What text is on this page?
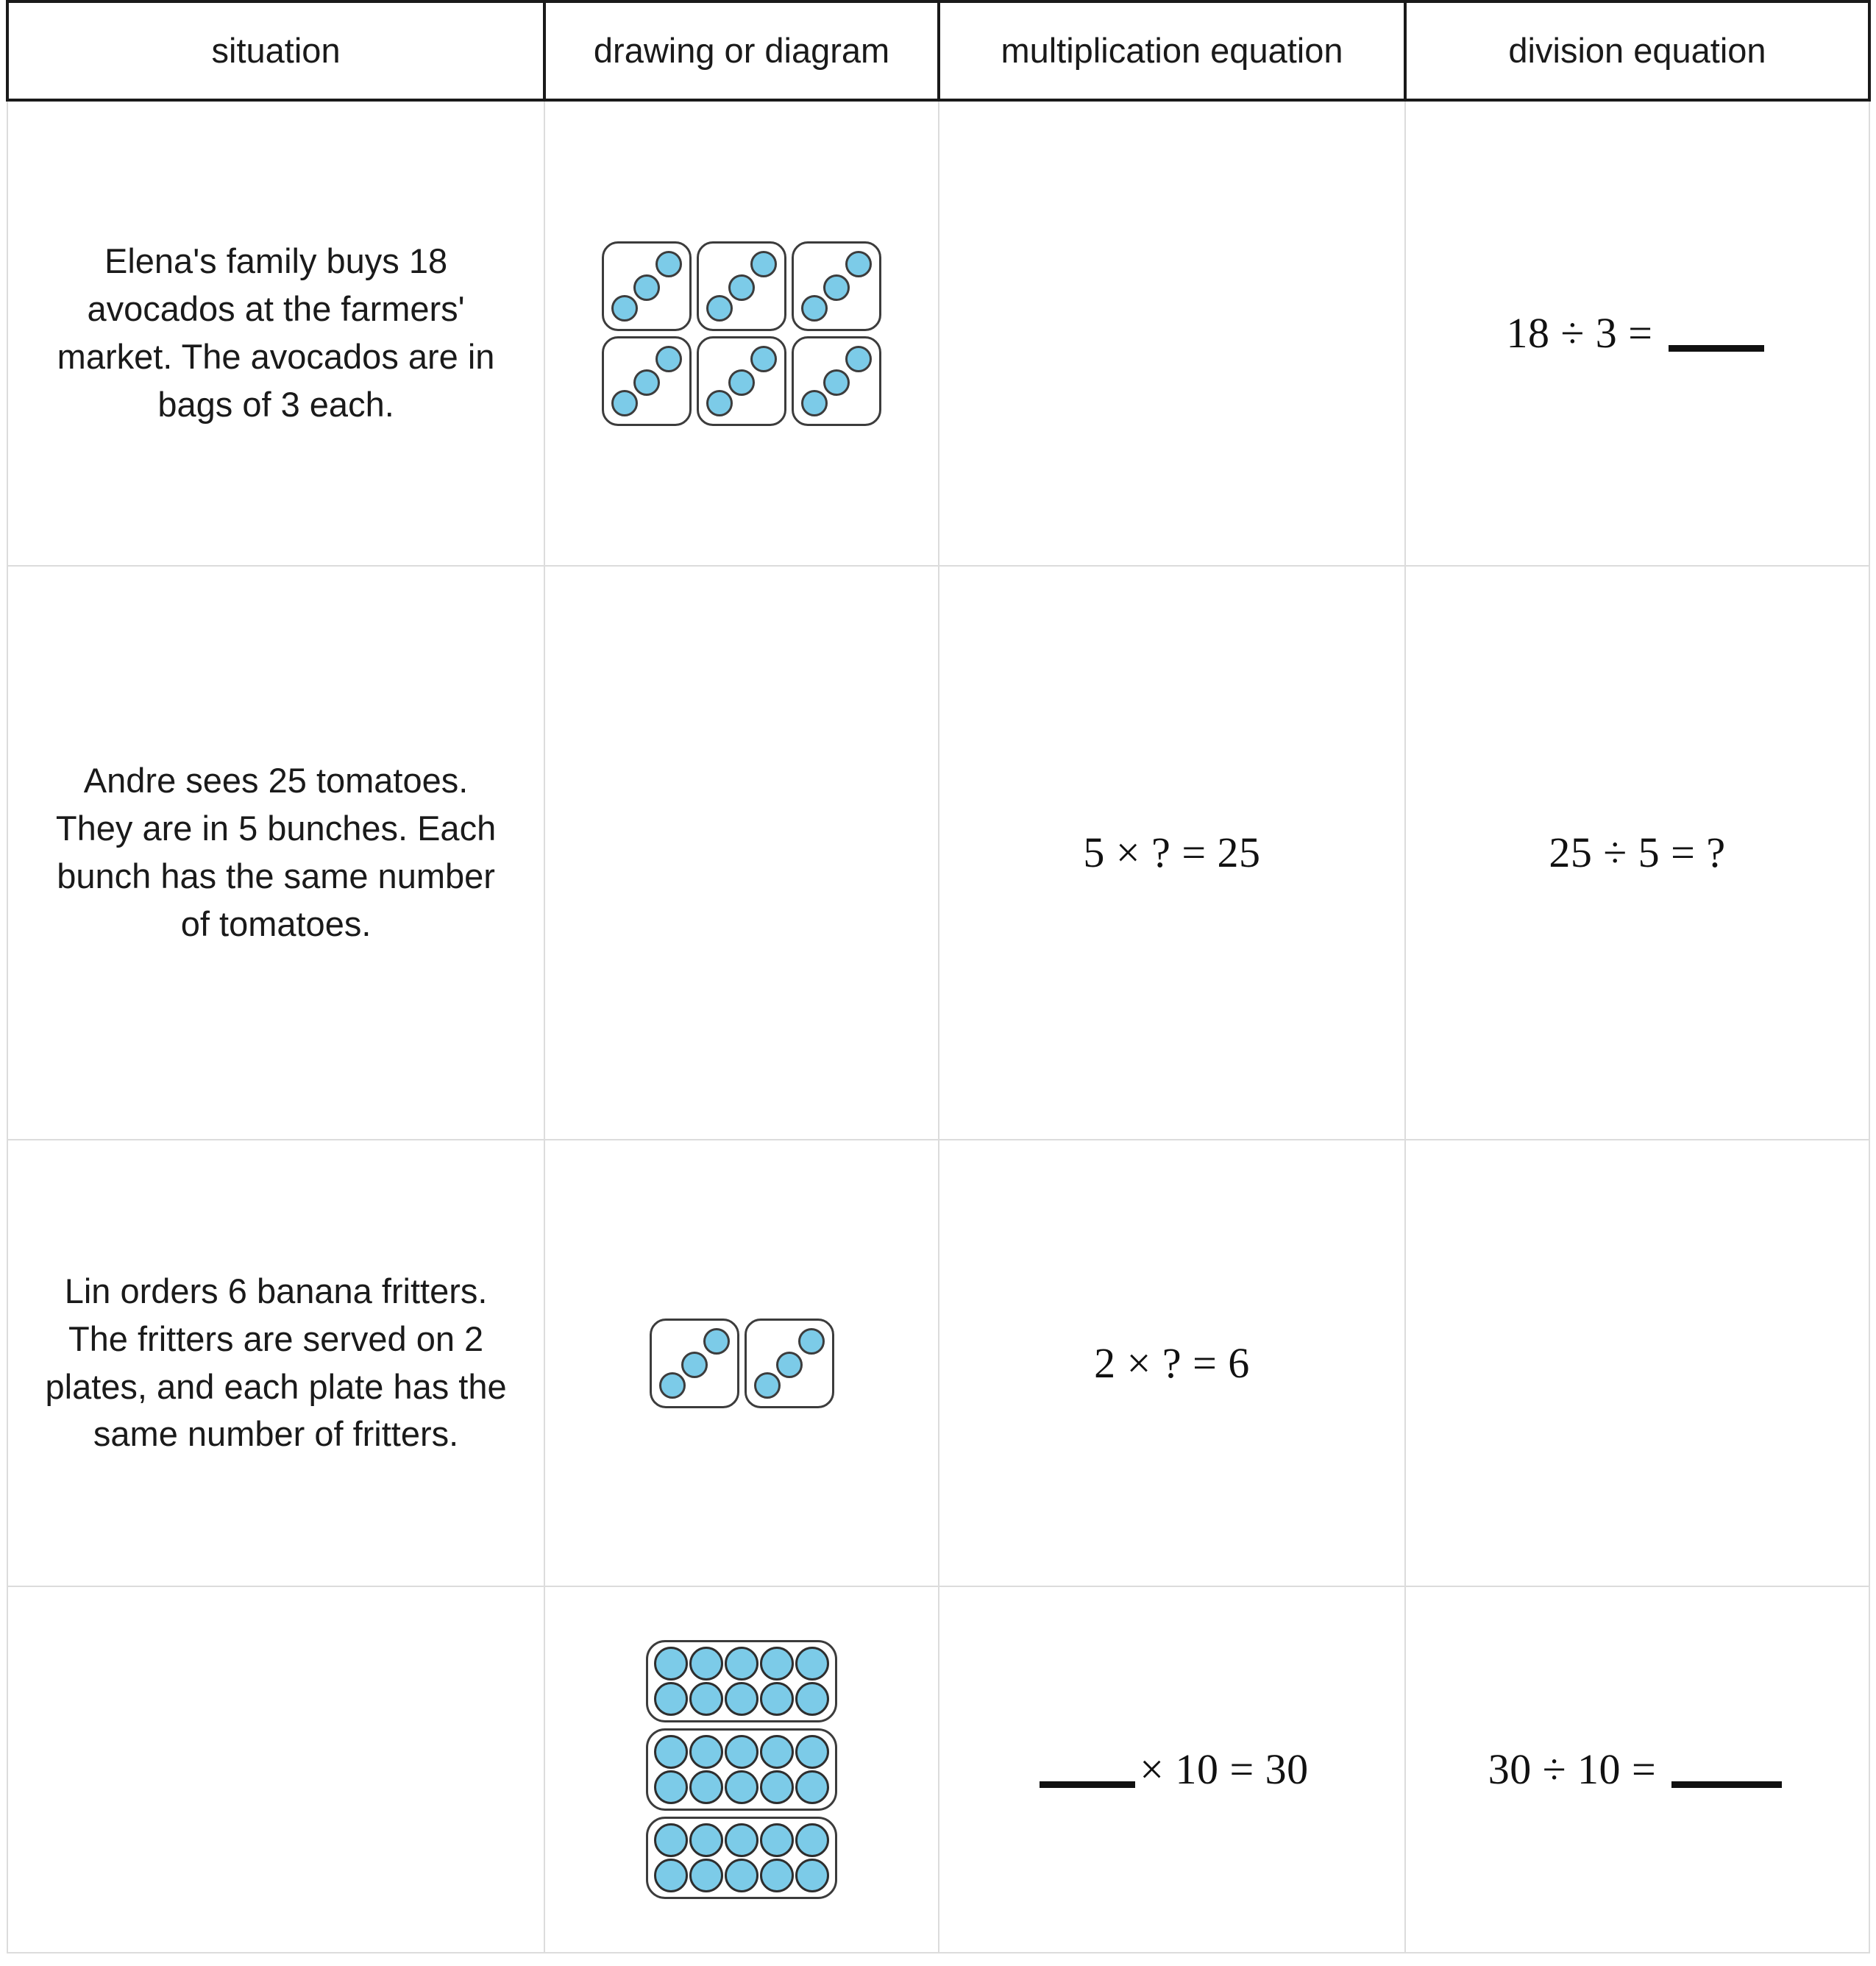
situation	drawing or diagram	multiplication equation	division equation

Elena's family buys 18 avocados at the farmers' market. The avocados are in bags of 3 each.			18 ÷ 3 =

Andre sees 25 tomatoes. They are in 5 bunches. Each bunch has the same number of tomatoes.		5 × ? = 25	25 ÷ 5 = ?

Lin orders 6 banana fritters. The fritters are served on 2 plates, and each plate has the same number of fritters.		2 × ? = 6	

		× 10 = 30	30 ÷ 10 =
